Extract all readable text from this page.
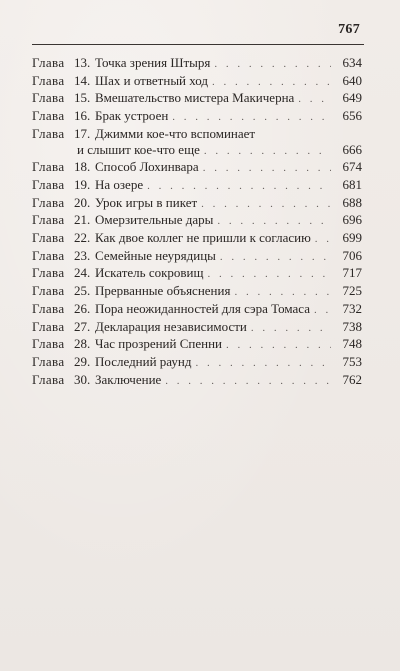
767
Глава 13. Точка зрения Штыря . . .	634
Глава 14. Шах и ответный ход . . .	640
Глава 15. Вмешательство мистера Макичерна . . .	649
Глава 16. Брак устроен . . .	656
Глава 17. Джимми кое-что вспоминает
и слышит кое-что еще . . .	666
Глава 18. Способ Лохинвара . . .	674
Глава 19. На озере . . .	681
Глава 20. Урок игры в пикет . . .	688
Глава 21. Омерзительные дары . . .	696
Глава 22. Как двое коллег не пришли к согласию . . .	699
Глава 23. Семейные неурядицы . . .	706
Глава 24. Искатель сокровищ . . .	717
Глава 25. Прерванные объяснения . . .	725
Глава 26. Пора неожиданностей для сэра Томаса . . .	732
Глава 27. Декларация независимости . . .	738
Глава 28. Час прозрений Спенни . . .	748
Глава 29. Последний раунд . . .	753
Глава 30. Заключение . . .	762
